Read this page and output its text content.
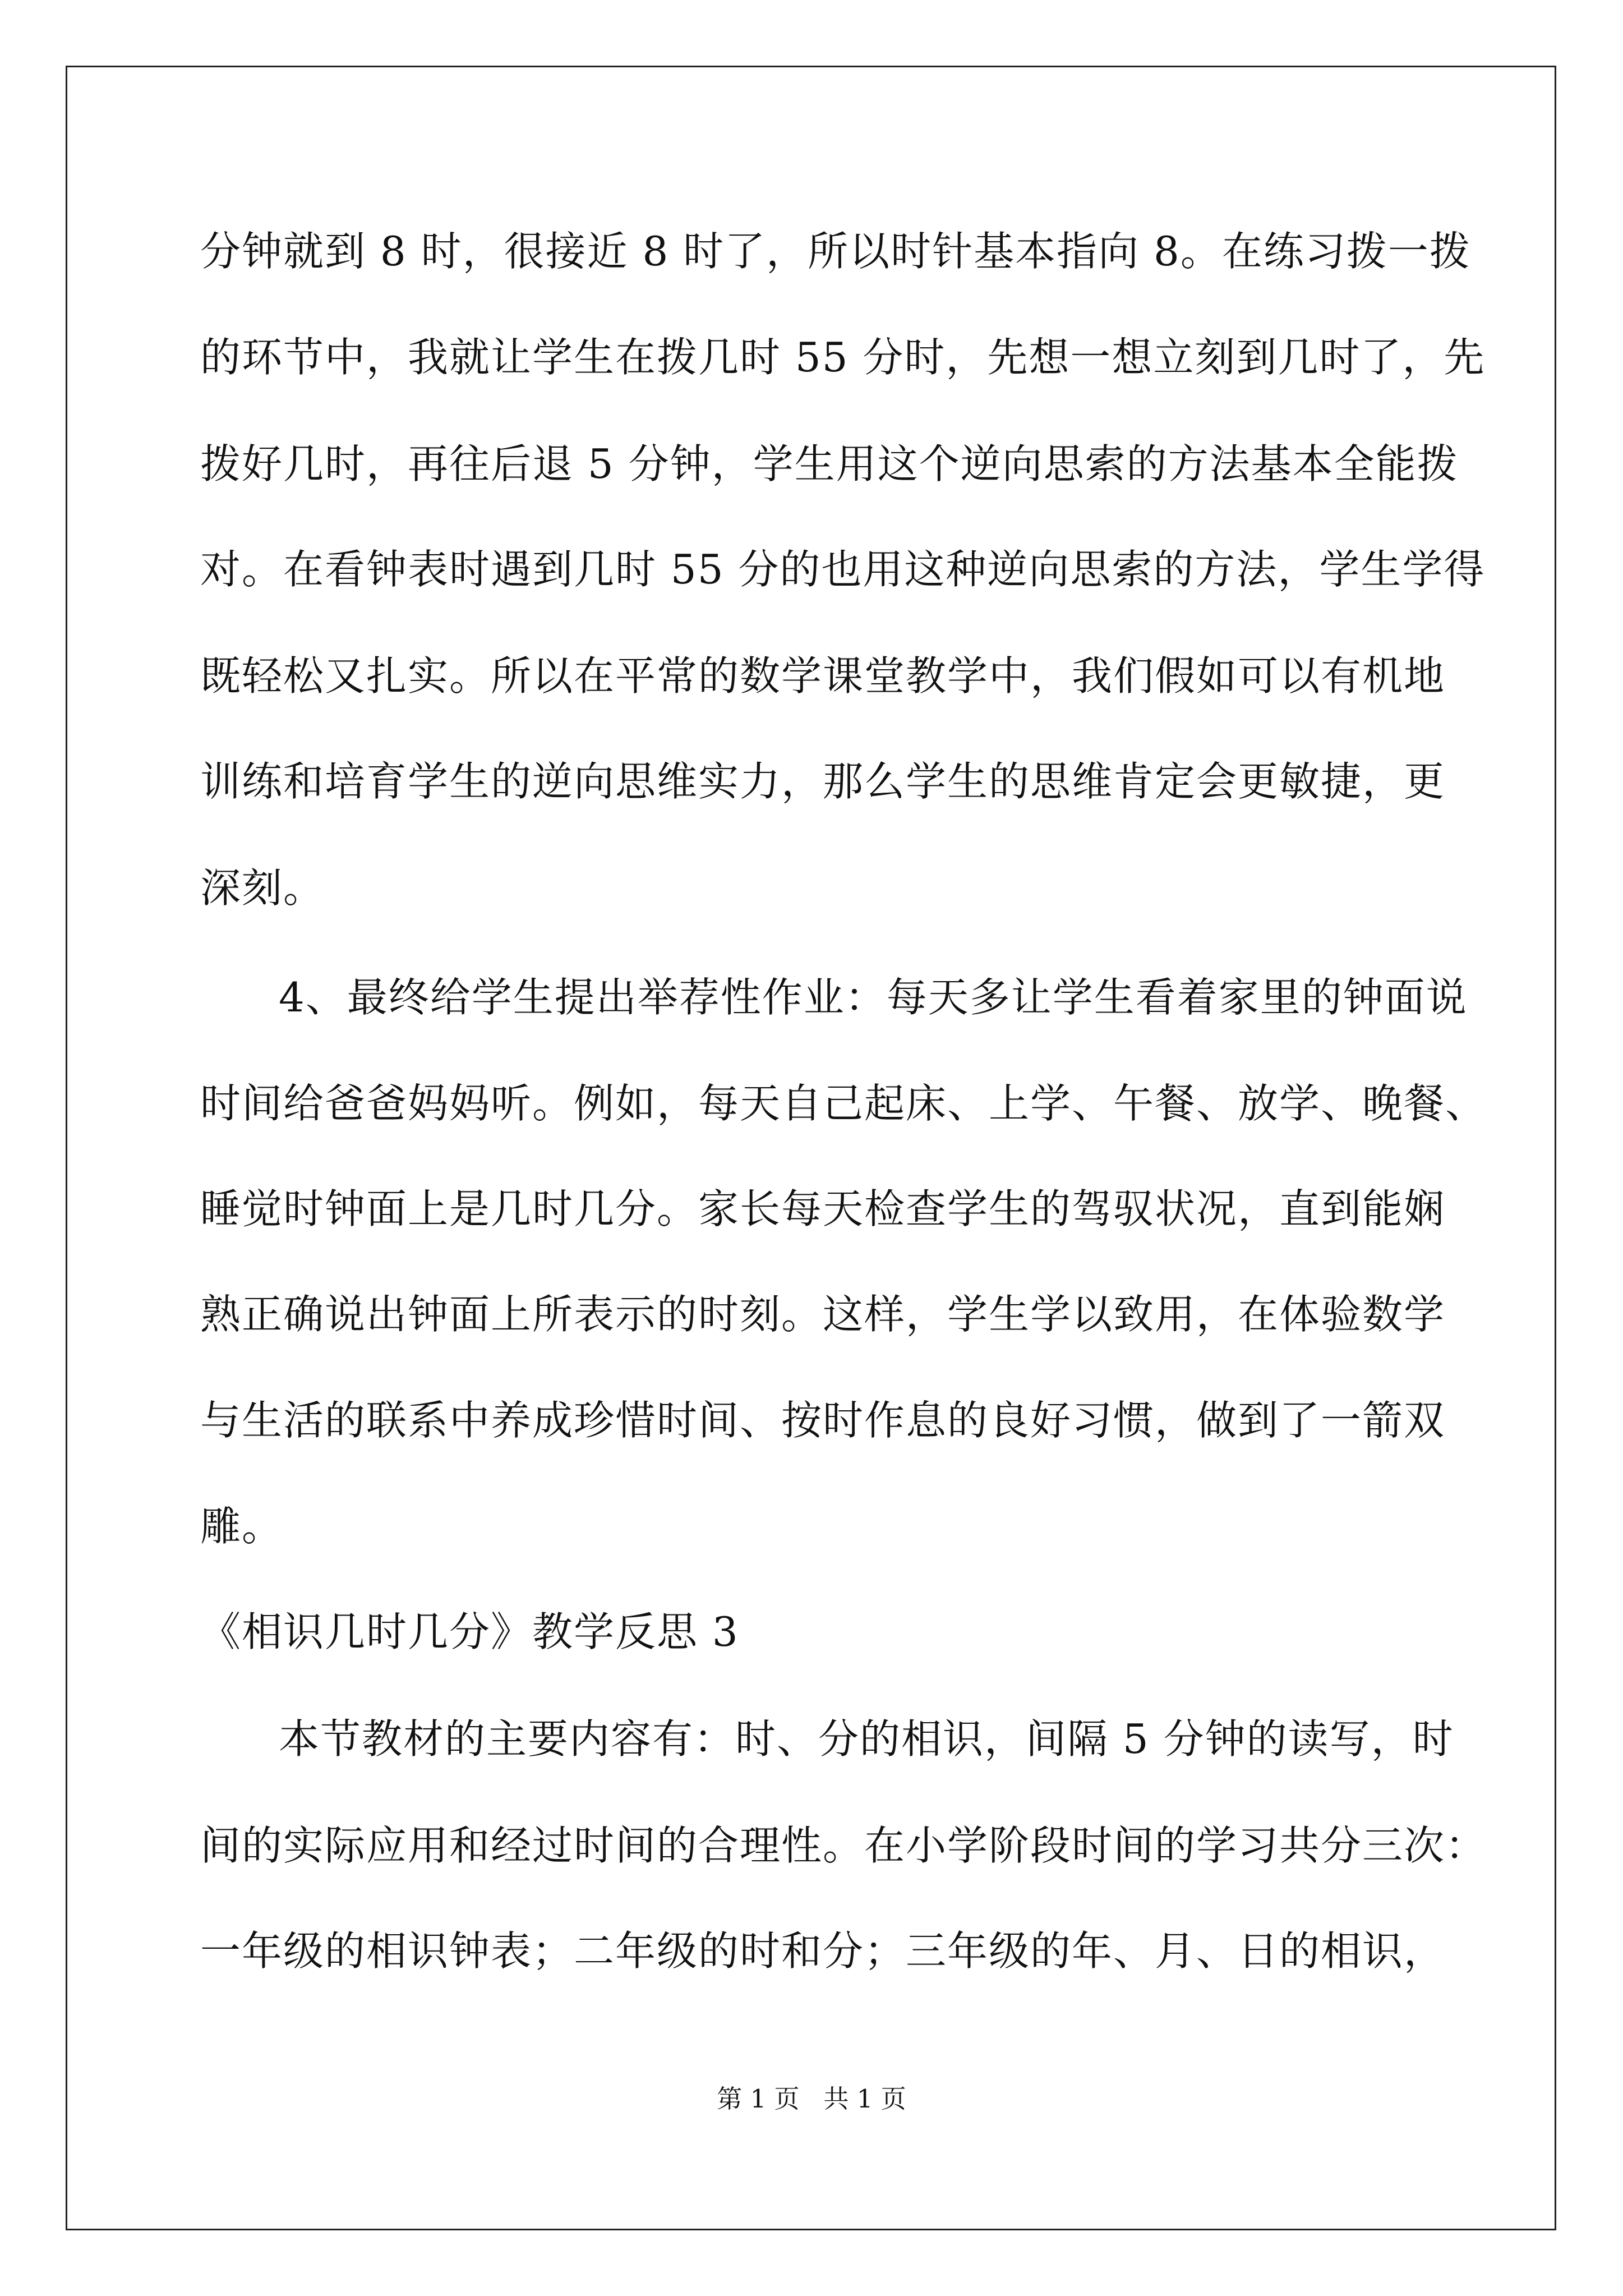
分钟就到 8 时，很接近 8 时了，所以时针基本指向 8。在练习拨一拨
的环节中，我就让学生在拨几时 55 分时，先想一想立刻到几时了，先
拨好几时，再往后退 5 分钟，学生用这个逆向思索的方法基本全能拨
对。在看钟表时遇到几时 55 分的也用这种逆向思索的方法，学生学得
既轻松又扎实。所以在平常的数学课堂教学中，我们假如可以有机地
训练和培育学生的逆向思维实力，那么学生的思维肯定会更敏捷，更
深刻。
4、最终给学生提出举荐性作业：每天多让学生看着家里的钟面说
时间给爸爸妈妈听。例如，每天自己起床、上学、午餐、放学、晚餐、
睡觉时钟面上是几时几分。家长每天检查学生的驾驭状况，直到能娴
熟正确说出钟面上所表示的时刻。这样，学生学以致用，在体验数学
与生活的联系中养成珍惜时间、按时作息的良好习惯，做到了一箭双
雕。
《相识几时几分》教学反思 3
本节教材的主要内容有：时、分的相识，间隔 5 分钟的读写，时
间的实际应用和经过时间的合理性。在小学阶段时间的学习共分三次：
一年级的相识钟表；二年级的时和分；三年级的年、月、日的相识，
第 1 页   共 1 页
